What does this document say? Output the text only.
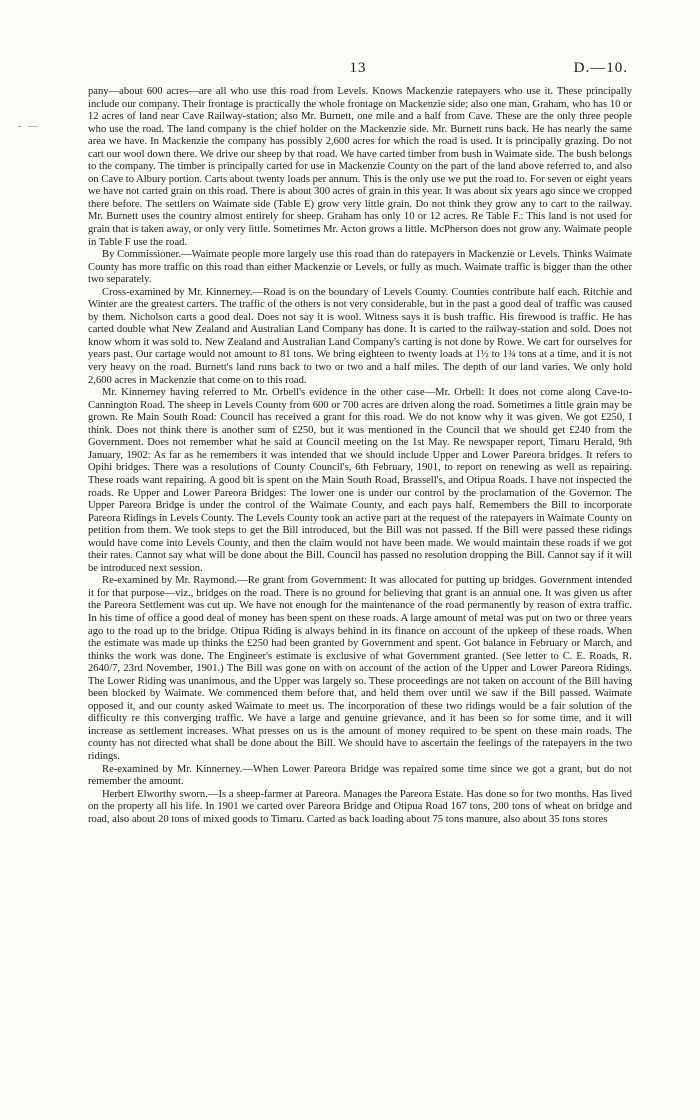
13	D.—10.
- —

pany—about 600 acres—are all who use this road from Levels. Knows Mackenzie ratepayers who use it. These principally include our company. Their frontage is practically the whole frontage on Mackenzie side; also one man, Graham, who has 10 or 12 acres of land near Cave Railway-station; also Mr. Burnett, one mile and a half from Cave. These are the only three people who use the road. The land company is the chief holder on the Mackenzie side. Mr. Burnett runs back. He has nearly the same area we have. In Mackenzie the company has possibly 2,600 acres for which the road is used. It is principally grazing. Do not cart our wool down there. We drive our sheep by that road. We have carted timber from bush in Waimate side. The bush belongs to the company. The timber is principally carted for use in Mackenzie County on the part of the land above referred to, and also on Cave to Albury portion. Carts about twenty loads per annum. This is the only use we put the road to. For seven or eight years we have not carted grain on this road. There is about 300 acres of grain in this year. It was about six years ago since we cropped there before. The settlers on Waimate side (Table E) grow very little grain. Do not think they grow any to cart to the railway. Mr. Burnett uses the country almost entirely for sheep. Graham has only 10 or 12 acres. Re Table F.: This land is not used for grain that is taken away, or only very little. Sometimes Mr. Acton grows a little. McPherson does not grow any. Waimate people in Table F use the road.

By Commissioner.—Waimate people more largely use this road than do ratepayers in Mackenzie or Levels. Thinks Waimate County has more traffic on this road than either Mackenzie or Levels, or fully as much. Waimate traffic is bigger than the other two separately.

Cross-examined by Mr. Kinnerney.—Road is on the boundary of Levels County. Counties contribute half each. Ritchie and Winter are the greatest carters. The traffic of the others is not very considerable, but in the past a good deal of traffic was caused by them. Nicholson carts a good deal. Does not say it is wool. Witness says it is bush traffic. His firewood is traffic. He has carted double what New Zealand and Australian Land Company has done. It is carted to the railway-station and sold. Does not know whom it was sold to. New Zealand and Australian Land Company's carting is not done by Rowe. We cart for ourselves for years past. Our cartage would not amount to 81 tons. We bring eighteen to twenty loads at 1½ to 1¾ tons at a time, and it is not very heavy on the road. Burnett's land runs back to two or two and a half miles. The depth of our land varies. We only hold 2,600 acres in Mackenzie that come on to this road.

Mr. Kinnerney having referred to Mr. Orbell's evidence in the other case—Mr. Orbell: It does not come along Cave-to-Cannington Road. The sheep in Levels County from 600 or 700 acres are driven along the road. Sometimes a little grain may be grown. Re Main South Road: Council has received a grant for this road. We do not know why it was given. We got £250, I think. Does not think there is another sum of £250, but it was mentioned in the Council that we should get £240 from the Government. Does not remember what he said at Council meeting on the 1st May. Re newspaper report, Timaru Herald, 9th January, 1902: As far as he remembers it was intended that we should include Upper and Lower Pareora bridges. It refers to Opihi bridges. There was a resolutions of County Council's, 6th February, 1901, to report on renewing as well as repairing. These roads want repairing. A good bit is spent on the Main South Road, Brassell's, and Otipua Roads. I have not inspected the roads. Re Upper and Lower Pareora Bridges: The lower one is under our control by the proclamation of the Governor. The Upper Pareora Bridge is under the control of the Waimate County, and each pays half. Remembers the Bill to incorporate Pareora Ridings in Levels County. The Levels County took an active part at the request of the ratepayers in Waimate County on petition from them. We took steps to get the Bill introduced, but the Bill was not passed. If the Bill were passed these ridings would have come into Levels County, and then the claim would not have been made. We would maintain these roads if we got their rates. Cannot say what will be done about the Bill. Council has passed no resolution dropping the Bill. Cannot say if it will be introduced next session.

Re-examined by Mr. Raymond.—Re grant from Government: It was allocated for putting up bridges. Government intended it for that purpose—viz., bridges on the road. There is no ground for believing that grant is an annual one. It was given us after the Pareora Settlement was cut up. We have not enough for the maintenance of the road permanently by reason of extra traffic. In his time of office a good deal of money has been spent on these roads. A large amount of metal was put on two or three years ago to the road up to the bridge. Otipua Riding is always behind in its finance on account of the upkeep of these roads. When the estimate was made up thinks the £250 had been granted by Government and spent. Got balance in February or March, and thinks the work was done. The Engineer's estimate is exclusive of what Government granted. (See letter to C. E. Roads, R. 2640/7, 23rd November, 1901.) The Bill was gone on with on account of the action of the Upper and Lower Pareora Ridings. The Lower Riding was unanimous, and the Upper was largely so. These proceedings are not taken on account of the Bill having been blocked by Waimate. We commenced them before that, and held them over until we saw if the Bill passed. Waimate opposed it, and our county asked Waimate to meet us. The incorporation of these two ridings would be a fair solution of the difficulty re this converging traffic. We have a large and genuine grievance, and it has been so for some time, and it will increase as settlement increases. What presses on us is the amount of money required to be spent on these main roads. The county has not directed what shall be done about the Bill. We should have to ascertain the feelings of the ratepayers in the two ridings.

Re-examined by Mr. Kinnerney.—When Lower Pareora Bridge was repaired some time since we got a grant, but do not remember the amount.

Herbert Elworthy sworn.—Is a sheep-farmer at Pareora. Manages the Pareora Estate. Has done so for two months. Has lived on the property all his life. In 1901 we carted over Pareora Bridge and Otipua Road 167 tons, 200 tons of wheat on bridge and road, also about 20 tons of mixed goods to Timaru. Carted as back loading about 75 tons manure, also about 35 tons stores
